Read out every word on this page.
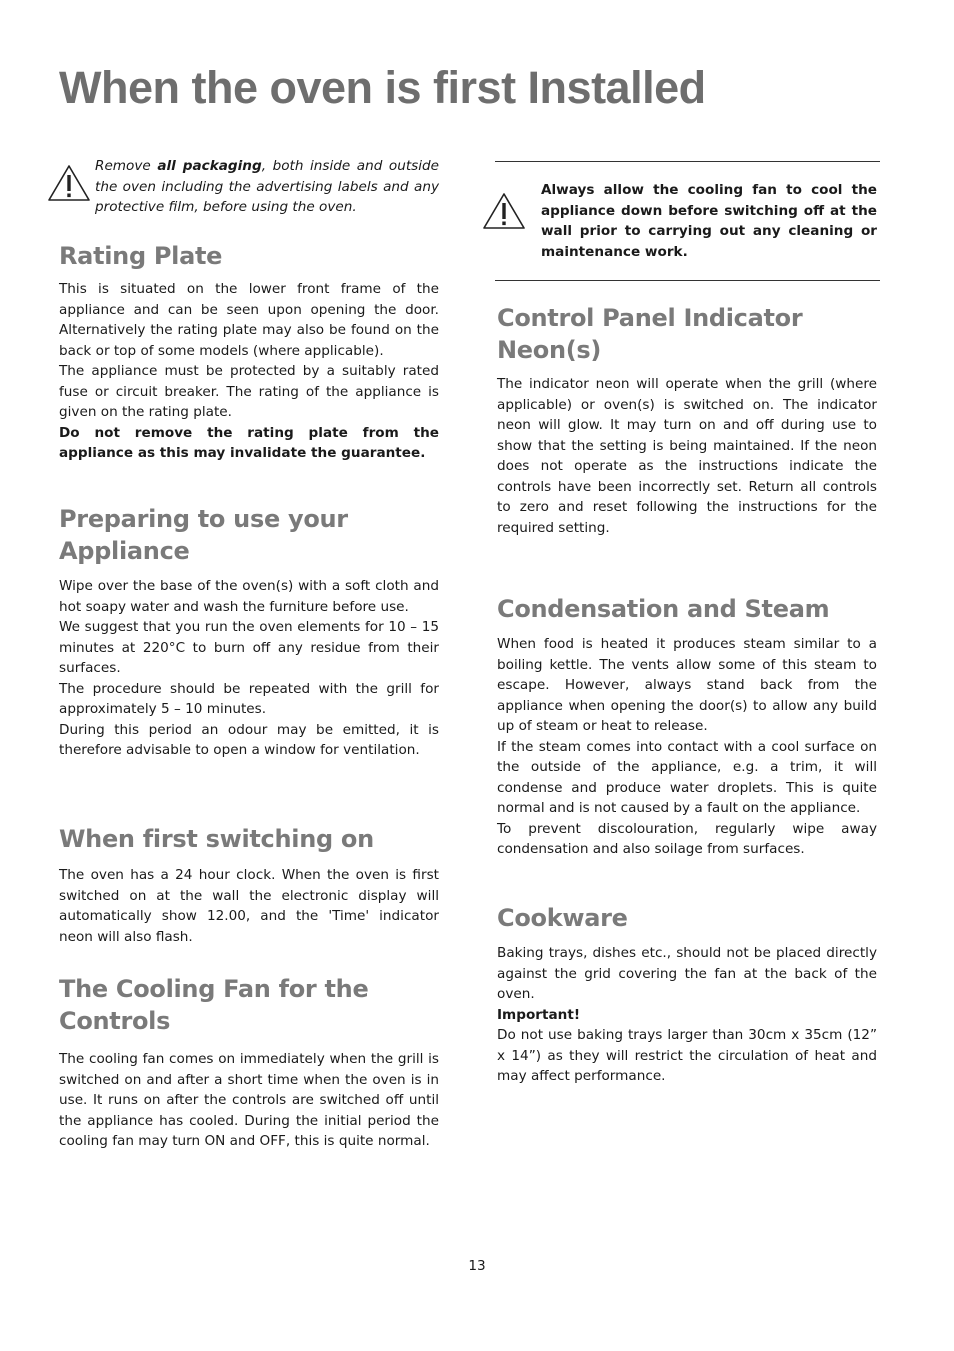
When the oven is first Installed
Remove all packaging, both inside and outside the oven including the advertising labels and any protective film, before using the oven.
Rating Plate

This is situated on the lower front frame of the appliance and can be seen upon opening the door. Alternatively the rating plate may also be found on the back or top of some models (where applicable).

The appliance must be protected by a suitably rated fuse or circuit breaker. The rating of the appliance is given on the rating plate.

Do not remove the rating plate from the appliance as this may invalidate the guarantee.

Preparing to use your Appliance

Wipe over the base of the oven(s) with a soft cloth and hot soapy water and wash the furniture before use.

We suggest that you run the oven elements for 10 – 15 minutes at 220°C to burn off any residue from their surfaces.

The procedure should be repeated with the grill for approximately 5 – 10 minutes.

During this period an odour may be emitted, it is therefore advisable to open a window for ventilation.

When first switching on

The oven has a 24 hour clock. When the oven is first switched on at the wall the electronic display will automatically show 12.00, and the 'Time' indicator neon will also flash.

The Cooling Fan for the Controls

The cooling fan comes on immediately when the grill is switched on and after a short time when the oven is in use. It runs on after the controls are switched off until the appliance has cooled. During the initial period the cooling fan may turn ON and OFF, this is quite normal.

Always allow the cooling fan to cool the appliance down before switching off at the wall prior to carrying out any cleaning or maintenance work.
Control Panel Indicator Neon(s)

The indicator neon will operate when the grill (where applicable) or oven(s) is switched on. The indicator neon will glow. It may turn on and off during use to show that the setting is being maintained. If the neon does not operate as the instructions indicate the controls have been incorrectly set. Return all controls to zero and reset following the instructions for the required setting.

Condensation and Steam

When food is heated it produces steam similar to a boiling kettle. The vents allow some of this steam to escape. However, always stand back from the appliance when opening the door(s) to allow any build up of steam or heat to release.

If the steam comes into contact with a cool surface on the outside of the appliance, e.g. a trim, it will condense and produce water droplets. This is quite normal and is not caused by a fault on the appliance.

To prevent discolouration, regularly wipe away condensation and also soilage from surfaces.

Cookware

Baking trays, dishes etc., should not be placed directly against the grid covering the fan at the back of the oven.

Important!

Do not use baking trays larger than 30cm x 35cm (12” x 14”) as they will restrict the circulation of heat and may affect performance.

13
